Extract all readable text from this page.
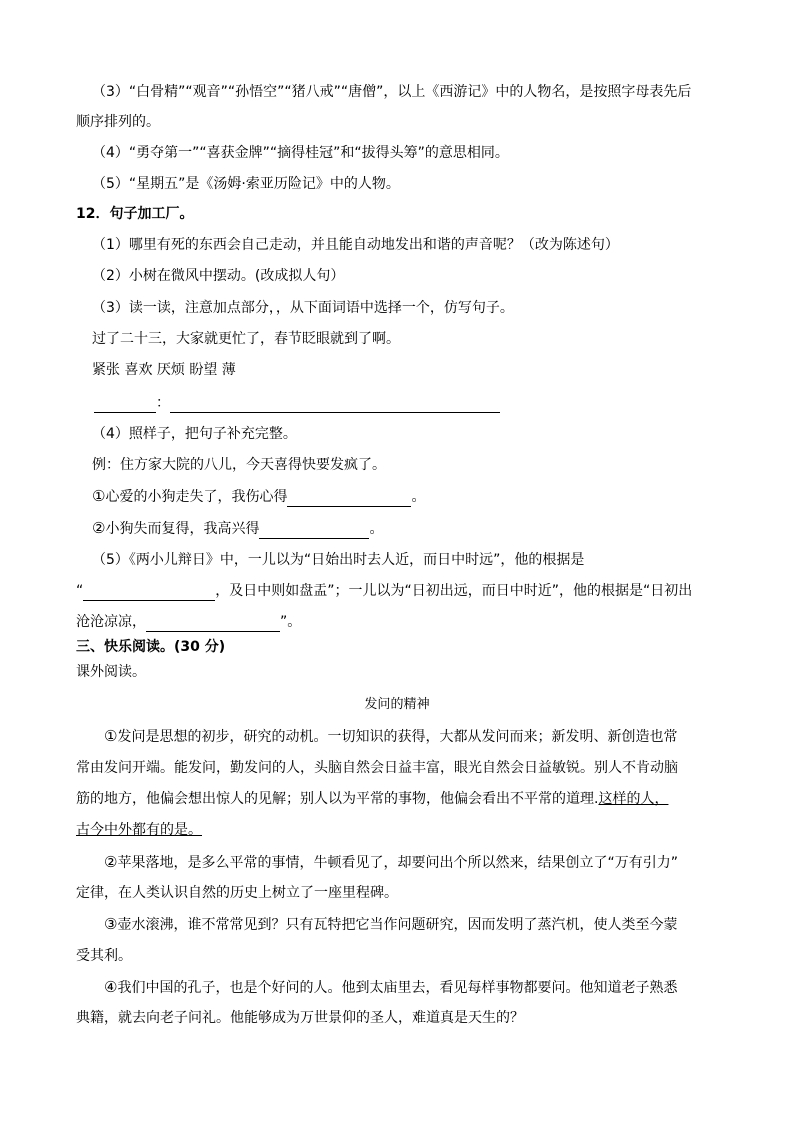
（3）“白骨精”“观音”“孙悟空”“猪八戒”“唐僧”，以上《西游记》中的人物名，是按照字母表先后
顺序排列的。
（4）“勇夺第一”“喜获金牌”“摘得桂冠”和“拔得头筹”的意思相同。
（5）“星期五”是《汤姆·索亚历险记》中的人物。
12．句子加工厂。
（1）哪里有死的东西会自己走动，并且能自动地发出和谐的声音呢？（改为陈述句）
（2）小树在微风中摆动。(改成拟人句）
（3）读一读，注意加点部分，，从下面词语中选择一个，仿写句子。
过了二十三，大家就更忙了，春节眨眼就到了啊。
紧张 喜欢 厌烦 盼望 薄
：
（4）照样子，把句子补充完整。
例：住方家大院的八儿，今天喜得快要发疯了。
①心爱的小狗走失了，我伤心得	。
②小狗失而复得，我高兴得	。
（5）《两小儿辩日》中，一儿以为“日始出时去人近，而日中时远”，他的根据是
“	，及日中则如盘盂”；一儿以为“日初出远，而日中时近”，他的根据是“日初出
沧沧凉凉，	”。
三、快乐阅读。(30 分)
课外阅读。
发问的精神
①发问是思想的初步，研究的动机。一切知识的获得，大都从发问而来；新发明、新创造也常
常由发问开端。能发问，勤发问的人，头脑自然会日益丰富，眼光自然会日益敏锐。别人不肯动脑
筋的地方，他偏会想出惊人的见解；别人以为平常的事物，他偏会看出不平常的道理.这样的人，
古今中外都有的是。
②苹果落地，是多么平常的事情，牛顿看见了，却要问出个所以然来，结果创立了“万有引力”
定律，在人类认识自然的历史上树立了一座里程碑。
③壶水滚沸，谁不常常见到？只有瓦特把它当作问题研究，因而发明了蒸汽机，使人类至今蒙
受其利。
④我们中国的孔子，也是个好问的人。他到太庙里去，看见每样事物都要问。他知道老子熟悉
典籍，就去向老子问礼。他能够成为万世景仰的圣人，难道真是天生的？
